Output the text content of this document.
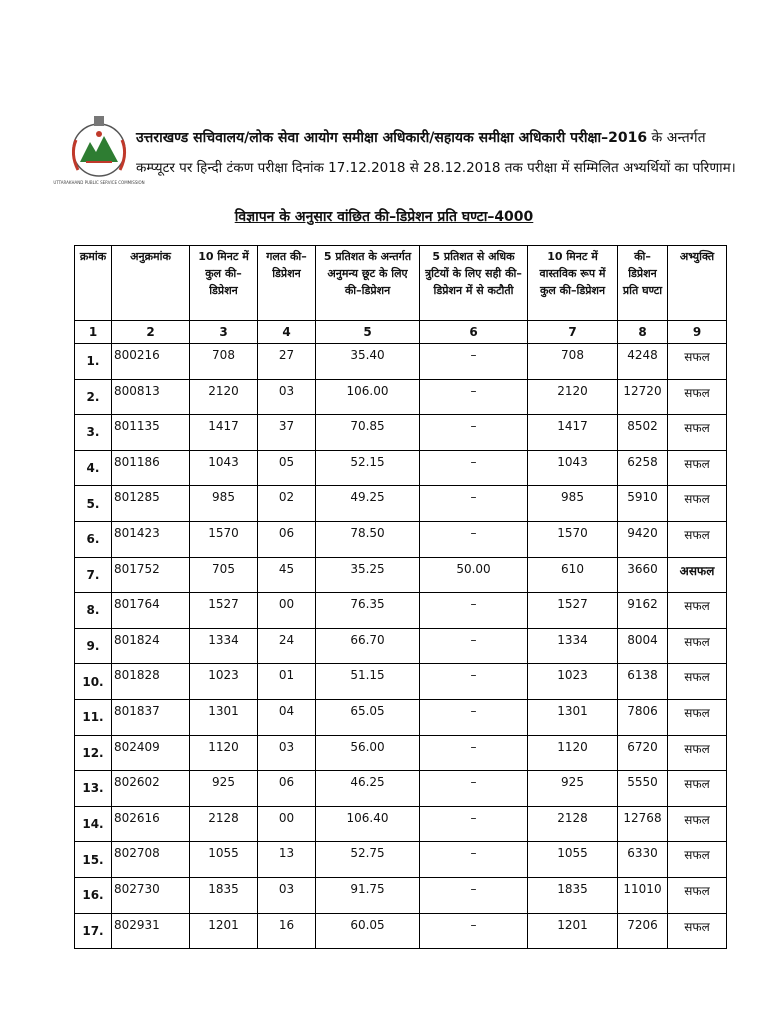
UTTARAKHAND PUBLIC SERVICE COMMISSION
उत्तराखण्ड सचिवालय/लोक सेवा आयोग समीक्षा अधिकारी/सहायक समीक्षा अधिकारी परीक्षा–2016 के अन्तर्गत
कम्प्यूटर पर हिन्दी टंकण परीक्षा दिनांक 17.12.2018 से 28.12.2018 तक परीक्षा में सम्मिलित अभ्यर्थियों का परिणाम।
विज्ञापन के अनुसार वांछित की–डिप्रेशन प्रति घण्टा–4000
क्रमांक	अनुक्रमांक	10 मिनट में कुल की–डिप्रेशन	गलत की–डिप्रेशन	5 प्रतिशत के अन्तर्गत अनुमन्य छूट के लिए की–डिप्रेशन	5 प्रतिशत से अधिक त्रुटियों के लिए सही की–डिप्रेशन में से कटौती	10 मिनट में वास्तविक रूप में कुल की–डिप्रेशन	की–डिप्रेशन प्रति घण्टा	अभ्युक्ति
1	2	3	4	5	6	7	8	9
1.	800216	708	27	35.40	–	708	4248	सफल
2.	800813	2120	03	106.00	–	2120	12720	सफल
3.	801135	1417	37	70.85	–	1417	8502	सफल
4.	801186	1043	05	52.15	–	1043	6258	सफल
5.	801285	985	02	49.25	–	985	5910	सफल
6.	801423	1570	06	78.50	–	1570	9420	सफल
7.	801752	705	45	35.25	50.00	610	3660	असफल
8.	801764	1527	00	76.35	–	1527	9162	सफल
9.	801824	1334	24	66.70	–	1334	8004	सफल
10.	801828	1023	01	51.15	–	1023	6138	सफल
11.	801837	1301	04	65.05	–	1301	7806	सफल
12.	802409	1120	03	56.00	–	1120	6720	सफल
13.	802602	925	06	46.25	–	925	5550	सफल
14.	802616	2128	00	106.40	–	2128	12768	सफल
15.	802708	1055	13	52.75	–	1055	6330	सफल
16.	802730	1835	03	91.75	–	1835	11010	सफल
17.	802931	1201	16	60.05	–	1201	7206	सफल
